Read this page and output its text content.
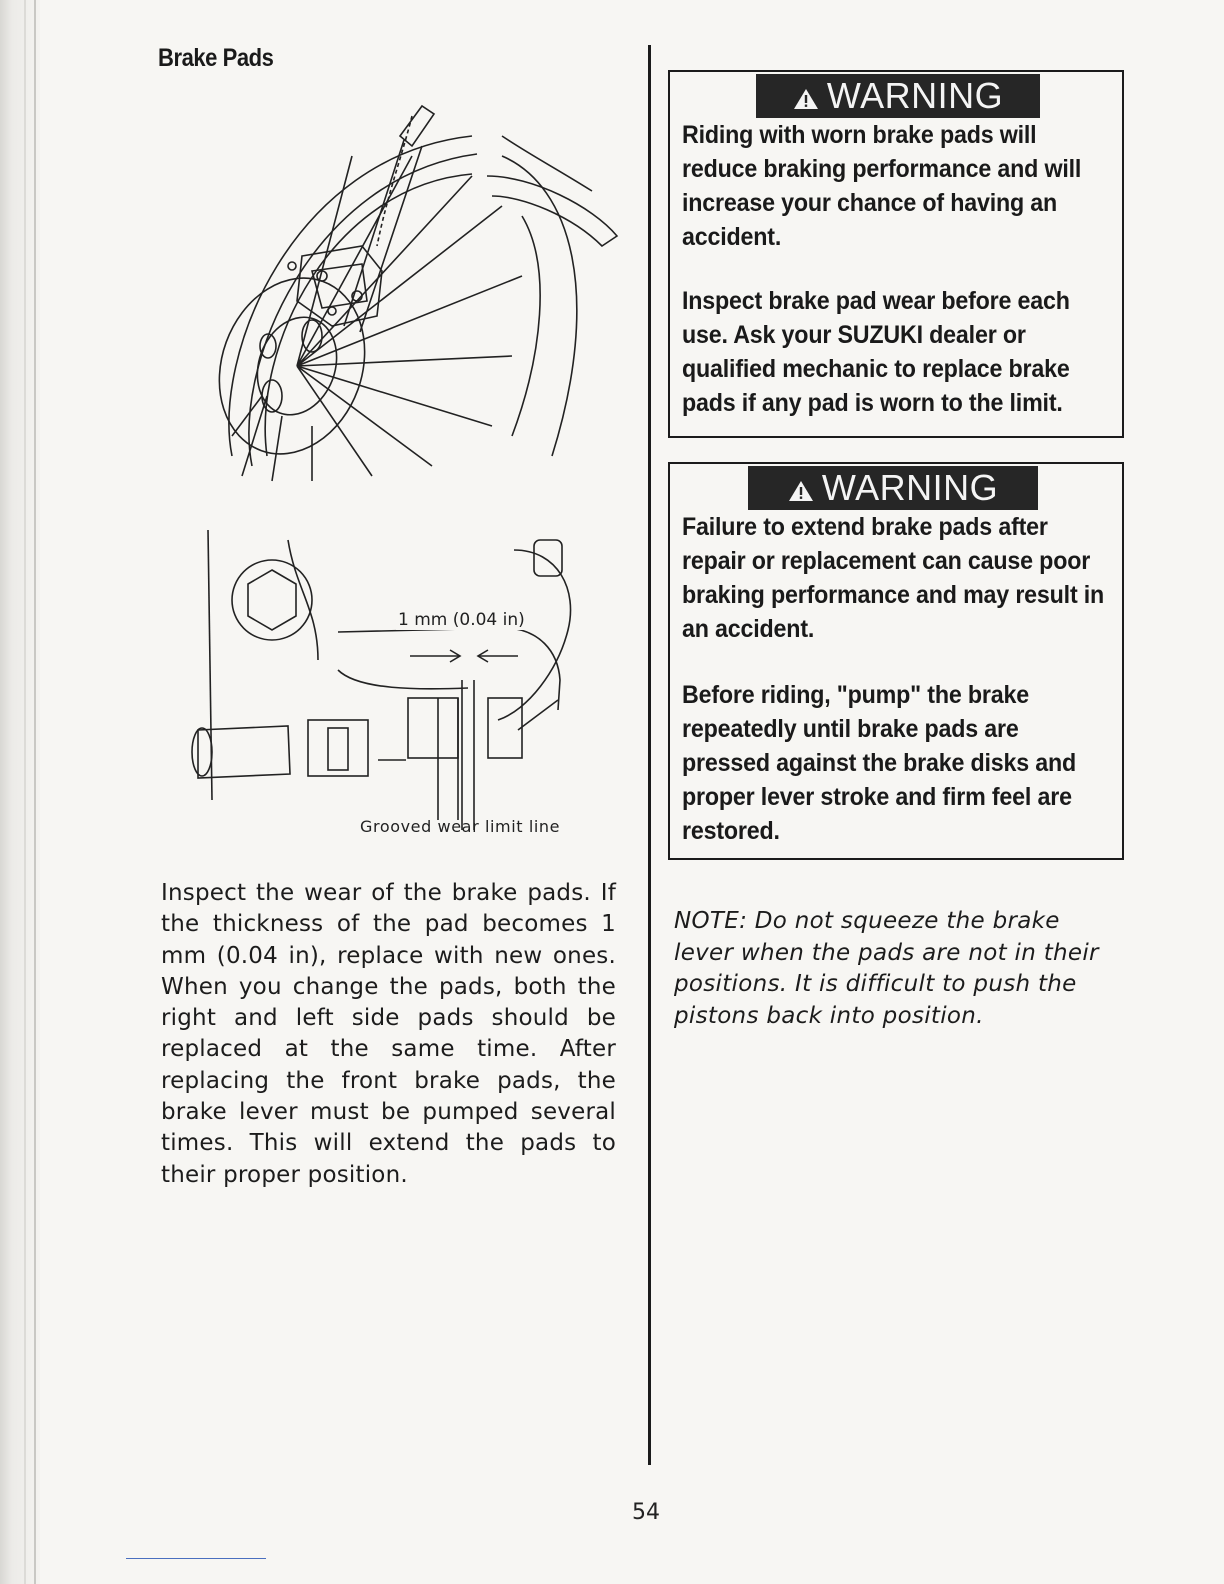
Brake Pads
1 mm (0.04 in)
Grooved wear limit line

Inspect the wear of the brake pads. If the thickness of the pad becomes 1 mm (0.04 in), replace with new ones. When you change the pads, both the right and left side pads should be replaced at the same time. After replacing the front brake pads, the brake lever must be pumped several times. This will extend the pads to their proper position.

WARNING
Riding with worn brake pads will reduce braking performance and will increase your chance of having an accident.
Inspect brake pad wear before each use. Ask your SUZUKI dealer or qualified mechanic to replace brake pads if any pad is worn to the limit.
WARNING
Failure to extend brake pads after repair or replacement can cause poor braking performance and may result in an accident.
Before riding, "pump" the brake repeatedly until brake pads are pressed against the brake disks and proper lever stroke and firm feel are restored.

NOTE: Do not squeeze the brake lever when the pads are not in their positions. It is difficult to push the pistons back into position.

54
